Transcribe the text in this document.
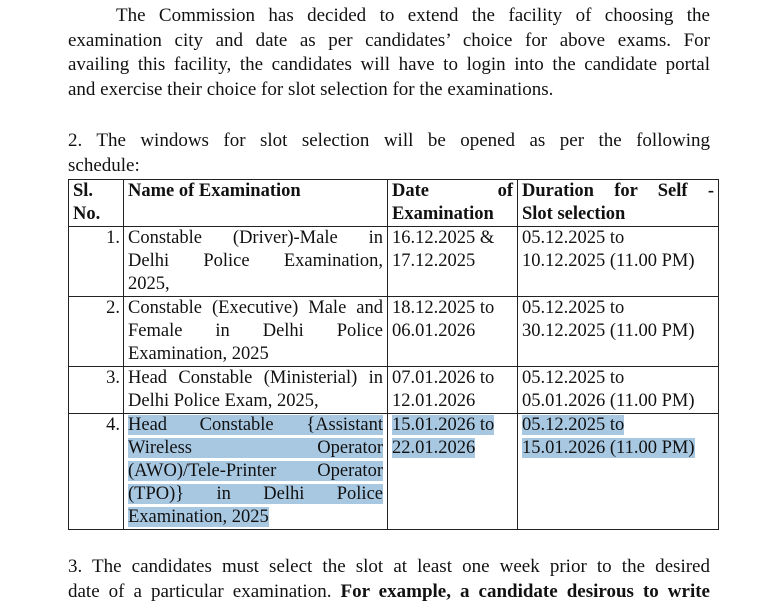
The Commission has decided to extend the facility of choosing the
examination city and date as per candidates’ choice for above exams. For
availing this facility, the candidates will have to login into the candidate portal
and exercise their choice for slot selection for the examinations.
2. The windows for slot selection will be opened as per the following
schedule:
Sl.
No.	Name of Examination	Date of
Examination	Duration for Self -
Slot selection

1.	Constable (Driver)-Male in
Delhi Police Examination,
2025,	16.12.2025 &
17.12.2025	05.12.2025 to
10.12.2025 (11.00 PM)

2.	Constable (Executive) Male and
Female in Delhi Police
Examination, 2025	18.12.2025 to
06.01.2026	05.12.2025 to
30.12.2025 (11.00 PM)

3.	Head Constable (Ministerial) in
Delhi Police Exam, 2025,	07.01.2026 to
12.01.2026	05.12.2025 to
05.01.2026 (11.00 PM)

4.	Head Constable {Assistant
Wireless Operator
(AWO)/Tele-Printer Operator
(TPO)} in Delhi Police
Examination, 2025	15.01.2026 to
22.01.2026	05.12.2025 to
15.01.2026 (11.00 PM)
3. The candidates must select the slot at least one week prior to the desired
date of a particular examination. For example, a candidate desirous to write
